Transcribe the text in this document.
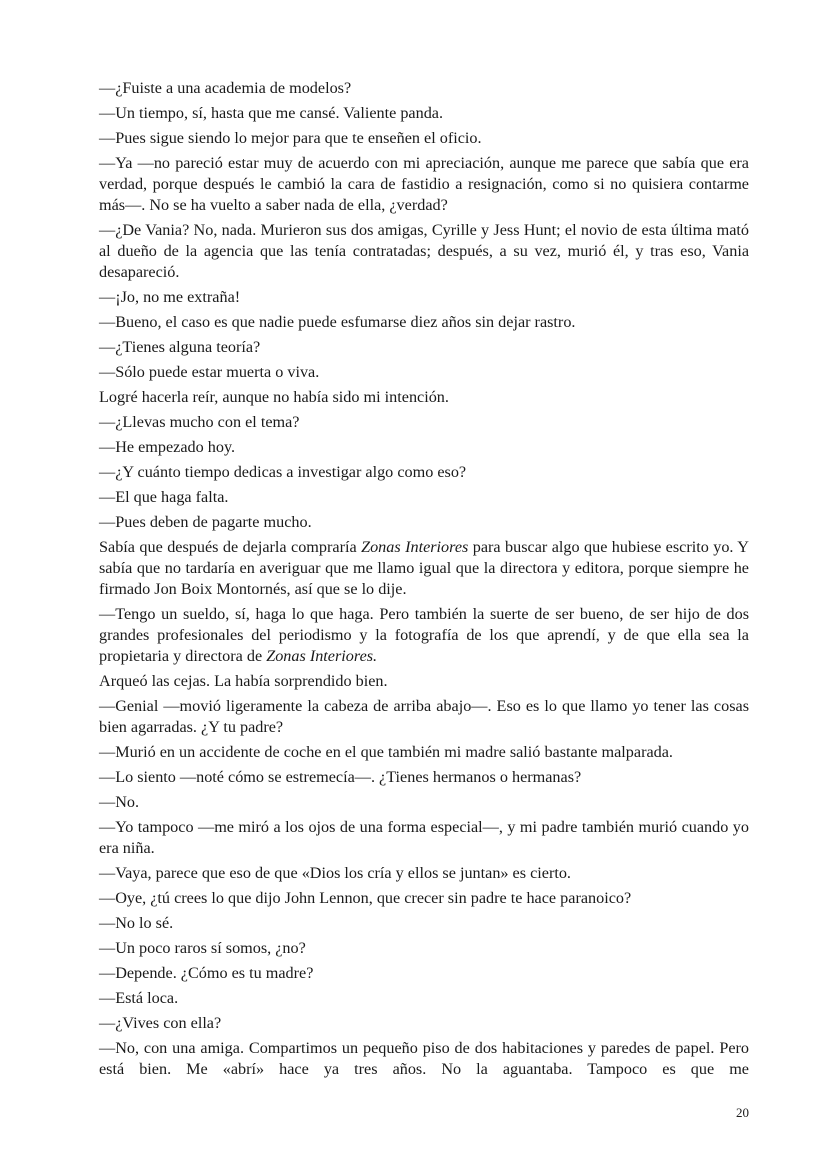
—¿Fuiste a una academia de modelos?

—Un tiempo, sí, hasta que me cansé. Valiente panda.

—Pues sigue siendo lo mejor para que te enseñen el oficio.

—Ya —no pareció estar muy de acuerdo con mi apreciación, aunque me parece que sabía que era verdad, porque después le cambió la cara de fastidio a resignación, como si no quisiera contarme más—. No se ha vuelto a saber nada de ella, ¿verdad?

—¿De Vania? No, nada. Murieron sus dos amigas, Cyrille y Jess Hunt; el novio de esta última mató al dueño de la agencia que las tenía contratadas; después, a su vez, murió él, y tras eso, Vania desapareció.

—¡Jo, no me extraña!

—Bueno, el caso es que nadie puede esfumarse diez años sin dejar rastro.

—¿Tienes alguna teoría?

—Sólo puede estar muerta o viva.

Logré hacerla reír, aunque no había sido mi intención.

—¿Llevas mucho con el tema?

—He empezado hoy.

—¿Y cuánto tiempo dedicas a investigar algo como eso?

—El que haga falta.

—Pues deben de pagarte mucho.

Sabía que después de dejarla compraría Zonas Interiores para buscar algo que hubiese escrito yo. Y sabía que no tardaría en averiguar que me llamo igual que la directora y editora, porque siempre he firmado Jon Boix Montornés, así que se lo dije.

—Tengo un sueldo, sí, haga lo que haga. Pero también la suerte de ser bueno, de ser hijo de dos grandes profesionales del periodismo y la fotografía de los que aprendí, y de que ella sea la propietaria y directora de Zonas Interiores.

Arqueó las cejas. La había sorprendido bien.

—Genial —movió ligeramente la cabeza de arriba abajo—. Eso es lo que llamo yo tener las cosas bien agarradas. ¿Y tu padre?

—Murió en un accidente de coche en el que también mi madre salió bastante malparada.

—Lo siento —noté cómo se estremecía—. ¿Tienes hermanos o hermanas?

—No.

—Yo tampoco —me miró a los ojos de una forma especial—, y mi padre también murió cuando yo era niña.

—Vaya, parece que eso de que «Dios los cría y ellos se juntan» es cierto.

—Oye, ¿tú crees lo que dijo John Lennon, que crecer sin padre te hace paranoico?

—No lo sé.

—Un poco raros sí somos, ¿no?

—Depende. ¿Cómo es tu madre?

—Está loca.

—¿Vives con ella?

—No, con una amiga. Compartimos un pequeño piso de dos habitaciones y paredes de papel. Pero está bien. Me «abrí» hace ya tres años. No la aguantaba. Tampoco es que me

20
